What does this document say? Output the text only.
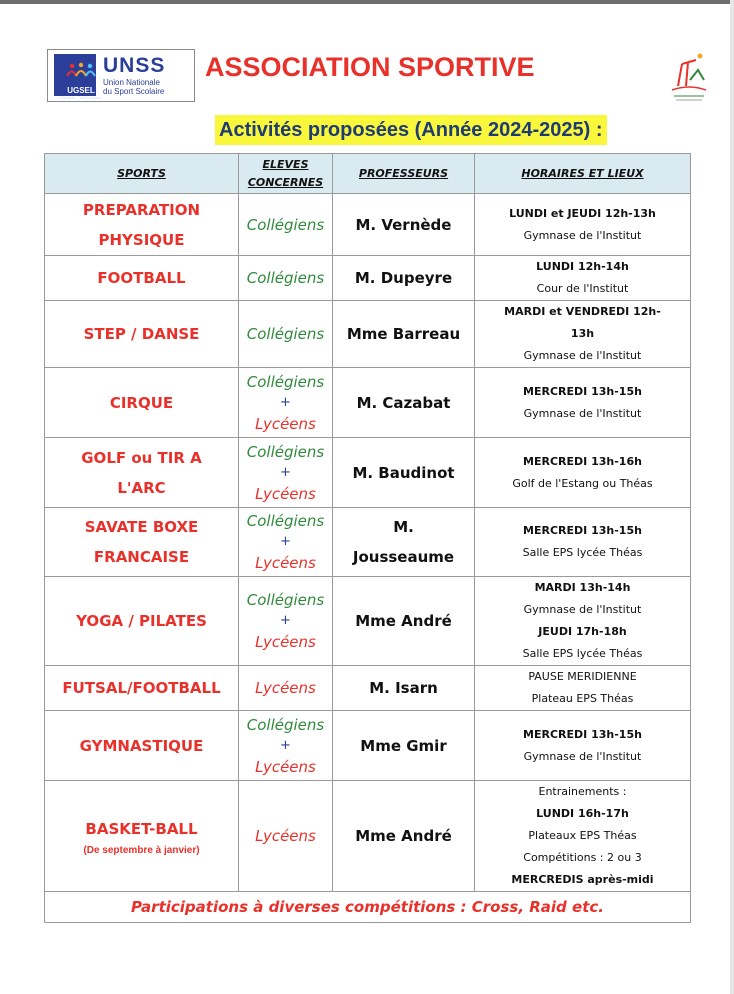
UGSEL
Éduquer... tout un sport !
UNSS
Union Nationale
du Sport Scolaire
ASSOCIATION SPORTIVE
Activités proposées (Année 2024-2025) :
SPORTS	ELEVES
CONCERNES	PROFESSEURS	HORAIRES ET LIEUX

PREPARATION
PHYSIQUE	Collégiens	M. Vernède	LUNDI et JEUDI 12h-13h
Gymnase de l'Institut

FOOTBALL	Collégiens	M. Dupeyre	LUNDI 12h-14h
Cour de l'Institut

STEP / DANSE	Collégiens	Mme Barreau	MARDI et VENDREDI 12h-
13h
Gymnase de l'Institut

CIRQUE	Collégiens
+
Lycéens	M. Cazabat	MERCREDI 13h-15h
Gymnase de l'Institut

GOLF ou TIR A
L'ARC	Collégiens
+
Lycéens	M. Baudinot	MERCREDI 13h-16h
Golf de l'Estang ou Théas

SAVATE BOXE
FRANCAISE	Collégiens
+
Lycéens	M.
Jousseaume	MERCREDI 13h-15h
Salle EPS lycée Théas

YOGA / PILATES	Collégiens
+
Lycéens	Mme André	MARDI 13h-14h
Gymnase de l'Institut
JEUDI 17h-18h
Salle EPS lycée Théas

FUTSAL/FOOTBALL	Lycéens	M. Isarn	PAUSE MERIDIENNE
Plateau EPS Théas

GYMNASTIQUE	Collégiens
+
Lycéens	Mme Gmir	MERCREDI 13h-15h
Gymnase de l'Institut

BASKET-BALL
(De septembre à janvier)	Lycéens	Mme André	Entrainements :
LUNDI 16h-17h
Plateaux EPS Théas
Compétitions : 2 ou 3
MERCREDIS après-midi

Participations à diverses compétitions : Cross, Raid etc.			
